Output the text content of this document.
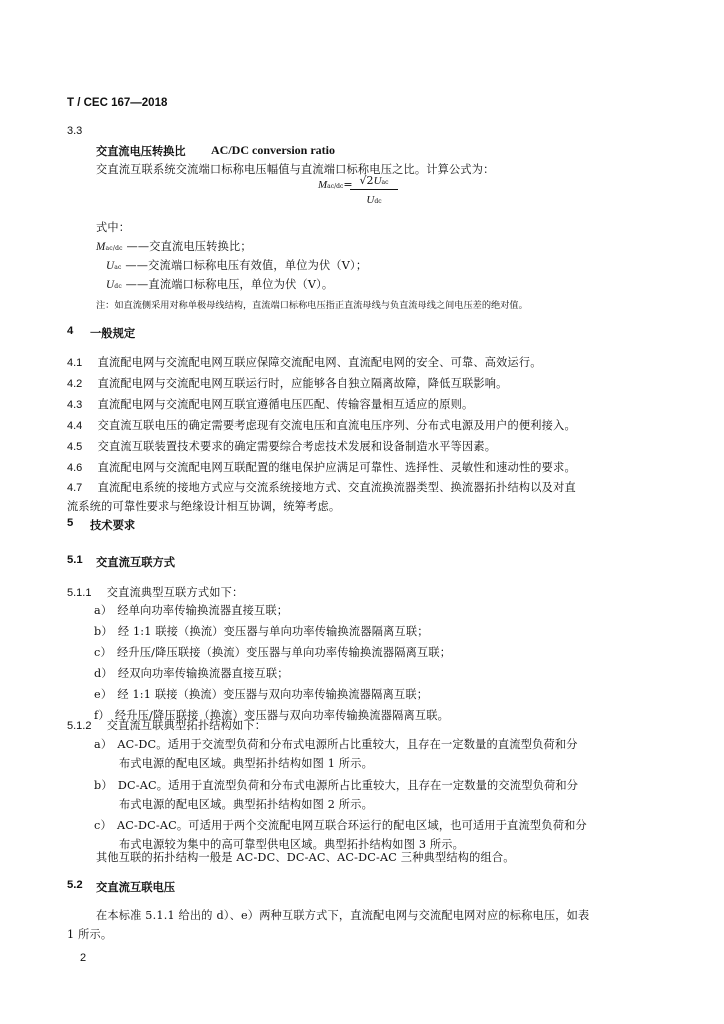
T / CEC 167—2018
3.3
交直流电压转换比 AC/DC conversion ratio
交直流互联系统交流端口标称电压幅值与直流端口标称电压之比。计算公式为：
Mac/dc= √2Uac
Udc
式中：
Mac/dc ——交直流电压转换比；
Uac ——交流端口标称电压有效值，单位为伏（V）；
Udc ——直流端口标称电压，单位为伏（V）。
注：如直流侧采用对称单极母线结构，直流端口标称电压指正直流母线与负直流母线之间电压差的绝对值。
4 一般规定
4.1 直流配电网与交流配电网互联应保障交流配电网、直流配电网的安全、可靠、高效运行。
4.2 直流配电网与交流配电网互联运行时，应能够各自独立隔离故障，降低互联影响。
4.3 直流配电网与交流配电网互联宜遵循电压匹配、传输容量相互适应的原则。
4.4 交直流互联电压的确定需要考虑现有交流电压和直流电压序列、分布式电源及用户的便利接入。
4.5 交直流互联装置技术要求的确定需要综合考虑技术发展和设备制造水平等因素。
4.6 直流配电网与交流配电网互联配置的继电保护应满足可靠性、选择性、灵敏性和速动性的要求。
4.7 直流配电系统的接地方式应与交流系统接地方式、交直流换流器类型、换流器拓扑结构以及对直
流系统的可靠性要求与绝缘设计相互协调，统筹考虑。
5 技术要求
5.1 交直流互联方式
5.1.1 交直流典型互联方式如下：
a） 经单向功率传输换流器直接互联；
b） 经 1:1 联接（换流）变压器与单向功率传输换流器隔离互联；
c） 经升压/降压联接（换流）变压器与单向功率传输换流器隔离互联；
d） 经双向功率传输换流器直接互联；
e） 经 1:1 联接（换流）变压器与双向功率传输换流器隔离互联；
f） 经升压/降压联接（换流）变压器与双向功率传输换流器隔离互联。
5.1.2 交直流互联典型拓扑结构如下：
a） AC-DC。适用于交流型负荷和分布式电源所占比重较大，且存在一定数量的直流型负荷和分
布式电源的配电区域。典型拓扑结构如图 1 所示。
b） DC-AC。适用于直流型负荷和分布式电源所占比重较大，且存在一定数量的交流型负荷和分
布式电源的配电区域。典型拓扑结构如图 2 所示。
c） AC-DC-AC。可适用于两个交流配电网互联合环运行的配电区域，也可适用于直流型负荷和分
布式电源较为集中的高可靠型供电区域。典型拓扑结构如图 3 所示。
其他互联的拓扑结构一般是 AC-DC、DC-AC、AC-DC-AC 三种典型结构的组合。
5.2 交直流互联电压
在本标准 5.1.1 给出的 d）、e）两种互联方式下，直流配电网与交流配电网对应的标称电压，如表
1 所示。
2
